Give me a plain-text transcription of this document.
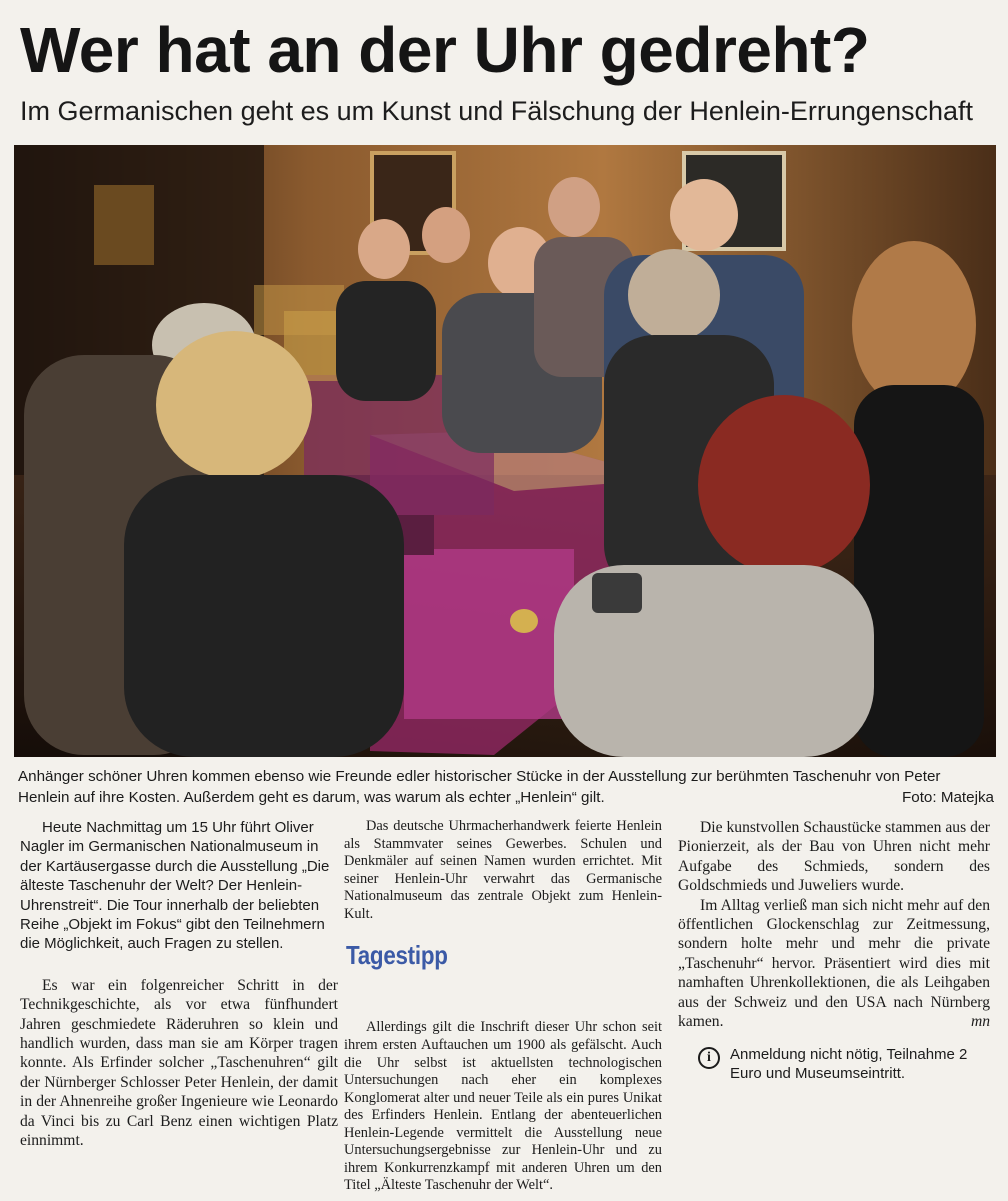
Wer hat an der Uhr gedreht?
Im Germanischen geht es um Kunst und Fälschung der Henlein-Errungenschaft
Anhänger schöner Uhren kommen ebenso wie Freunde edler historischer Stücke in der Ausstellung zur berühmten Taschenuhr von Peter Henlein auf ihre Kosten. Außerdem geht es darum, was warum als echter „Henlein“ gilt.	Foto: Matejka

Heute Nachmittag um 15 Uhr führt Oliver Nagler im Germanischen Nationalmuseum in der Kartäusergasse durch die Ausstellung „Die älteste Taschenuhr der Welt? Der Henlein-Uhrenstreit“. Die Tour innerhalb der beliebten Reihe „Objekt im Fokus“ gibt den Teilnehmern die Möglichkeit, auch Fragen zu stellen.

Es war ein folgenreicher Schritt in der Technikgeschichte, als vor etwa fünfhundert Jahren geschmiedete Räderuhren so klein und handlich wurden, dass man sie am Körper tragen konnte. Als Erfinder solcher „Taschenuhren“ gilt der Nürnberger Schlosser Peter Henlein, der damit in der Ahnenreihe großer Ingenieure wie Leonardo da Vinci bis zu Carl Benz einen wichtigen Platz einnimmt.

Das deutsche Uhrmacherhandwerk feierte Henlein als Stammvater seines Gewerbes. Schulen und Denkmäler auf seinen Namen wurden errichtet. Mit seiner Henlein-Uhr verwahrt das Germanische Nationalmuseum das zentrale Objekt zum Henlein-Kult.

Tagestipp

Allerdings gilt die Inschrift dieser Uhr schon seit ihrem ersten Auftauchen um 1900 als gefälscht. Auch die Uhr selbst ist aktuellsten technologischen Untersuchungen nach eher ein komplexes Konglomerat alter und neuer Teile als ein pures Unikat des Erfinders Henlein. Entlang der abenteuerlichen Henlein-Legende vermittelt die Ausstellung neue Untersuchungsergebnisse zur Henlein-Uhr und zu ihrem Konkurrenzkampf mit anderen Uhren um den Titel „Älteste Taschenuhr der Welt“.

Die kunstvollen Schaustücke stammen aus der Pionierzeit, als der Bau von Uhren nicht mehr Aufgabe des Schmieds, sondern des Goldschmieds und Juweliers wurde.

Im Alltag verließ man sich nicht mehr auf den öffentlichen Glockenschlag zur Zeitmessung, sondern holte mehr und mehr die private „Taschenuhr“ hervor. Präsentiert wird dies mit namhaften Uhrenkollektionen, die als Leihgaben aus der Schweiz und den USA nach Nürnberg kamen.	mn

i	Anmeldung nicht nötig, Teilnahme 2 Euro und Museumseintritt.
